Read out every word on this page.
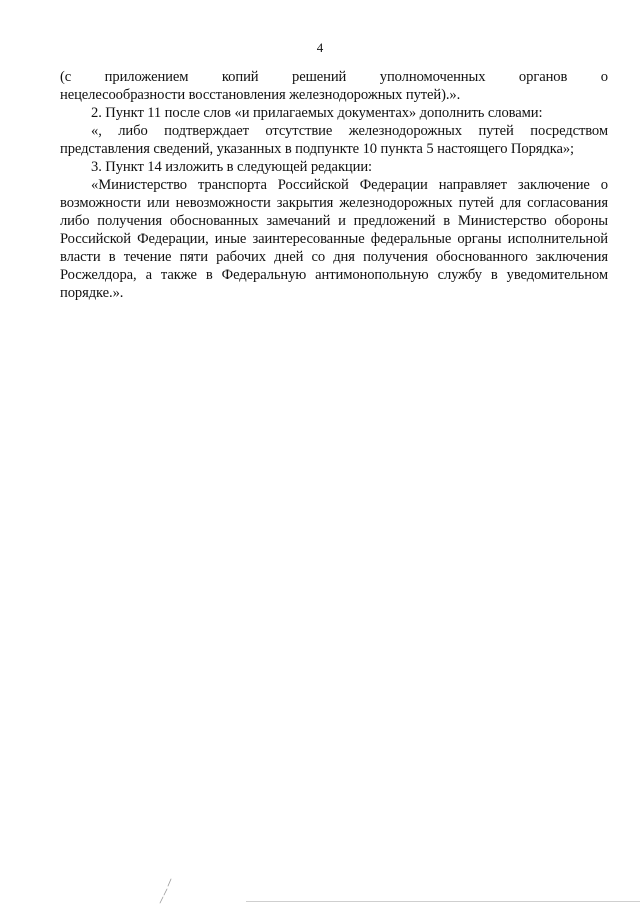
4

(с приложением копий решений уполномоченных органов о

нецелесообразности восстановления железнодорожных путей).».

2. Пункт 11 после слов «и прилагаемых документах» дополнить словами:

«, либо подтверждает отсутствие железнодорожных путей посредством представления сведений, указанных в подпункте 10 пункта 5 настоящего Порядка»;

3. Пункт 14 изложить в следующей редакции:

«Министерство транспорта Российской Федерации направляет заключение о возможности или невозможности закрытия железнодорожных путей для согласования либо получения обоснованных замечаний и предложений в Министерство обороны Российской Федерации, иные заинтересованные федеральные органы исполнительной власти в течение пяти рабочих дней со дня получения обоснованного заключения Росжелдора, а также в Федеральную антимонопольную службу в уведомительном порядке.».
